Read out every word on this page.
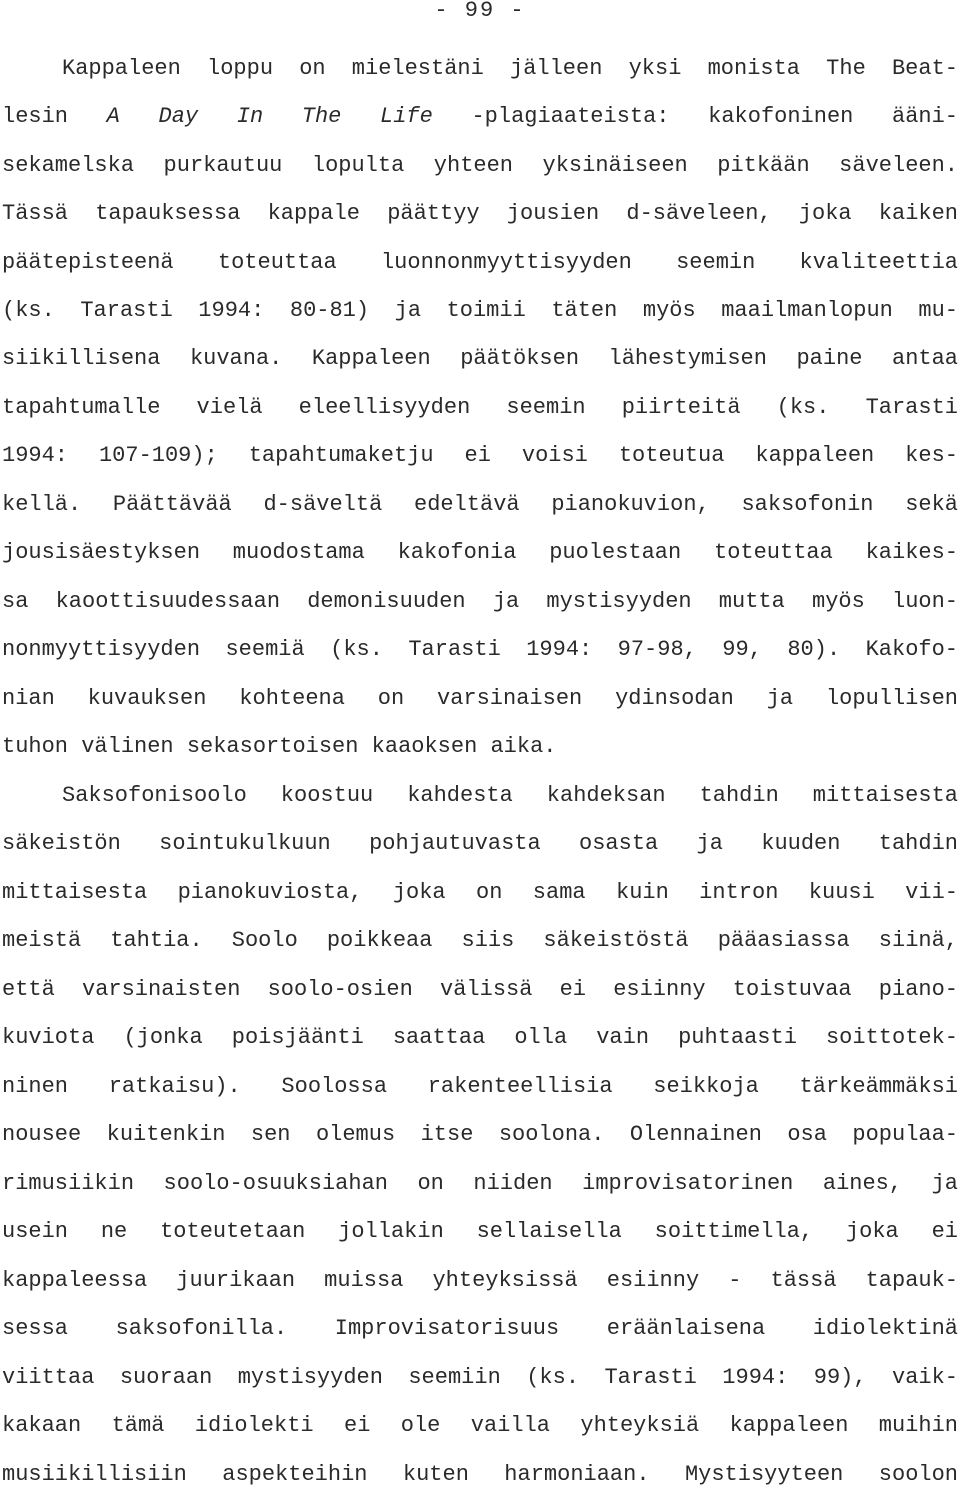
- 99 -
Kappaleen loppu on mielestäni jälleen yksi monista The Beat-
lesin A Day In The Life -plagiaateista: kakofoninen ääni-
sekamelska purkautuu lopulta yhteen yksinäiseen pitkään säveleen.
Tässä tapauksessa kappale päättyy jousien d-säveleen, joka kaiken
päätepisteenä toteuttaa luonnonmyyttisyyden seemin kvaliteettia
(ks. Tarasti 1994: 80-81) ja toimii täten myös maailmanlopun mu-
siikillisena kuvana. Kappaleen päätöksen lähestymisen paine antaa
tapahtumalle vielä eleellisyyden seemin piirteitä (ks. Tarasti
1994: 107-109); tapahtumaketju ei voisi toteutua kappaleen kes-
kellä. Päättävää d-säveltä edeltävä pianokuvion, saksofonin sekä
jousisäestyksen muodostama kakofonia puolestaan toteuttaa kaikes-
sa kaoottisuudessaan demonisuuden ja mystisyyden mutta myös luon-
nonmyyttisyyden seemiä (ks. Tarasti 1994: 97-98, 99, 80). Kakofo-
nian kuvauksen kohteena on varsinaisen ydinsodan ja lopullisen
tuhon välinen sekasortoisen kaaoksen aika.
Saksofonisoolo koostuu kahdesta kahdeksan tahdin mittaisesta
säkeistön sointukulkuun pohjautuvasta osasta ja kuuden tahdin
mittaisesta pianokuviosta, joka on sama kuin intron kuusi vii-
meistä tahtia. Soolo poikkeaa siis säkeistöstä pääasiassa siinä,
että varsinaisten soolo-osien välissä ei esiinny toistuvaa piano-
kuviota (jonka poisjäänti saattaa olla vain puhtaasti soittotek-
ninen ratkaisu). Soolossa rakenteellisia seikkoja tärkeämmäksi
nousee kuitenkin sen olemus itse soolona. Olennainen osa populaa-
rimusiikin soolo-osuuksiahan on niiden improvisatorinen aines, ja
usein ne toteutetaan jollakin sellaisella soittimella, joka ei
kappaleessa juurikaan muissa yhteyksissä esiinny - tässä tapauk-
sessa saksofonilla. Improvisatorisuus eräänlaisena idiolektinä
viittaa suoraan mystisyyden seemiin (ks. Tarasti 1994: 99), vaik-
kakaan tämä idiolekti ei ole vailla yhteyksiä kappaleen muihin
musiikillisiin aspekteihin kuten harmoniaan. Mystisyyteen soolon
